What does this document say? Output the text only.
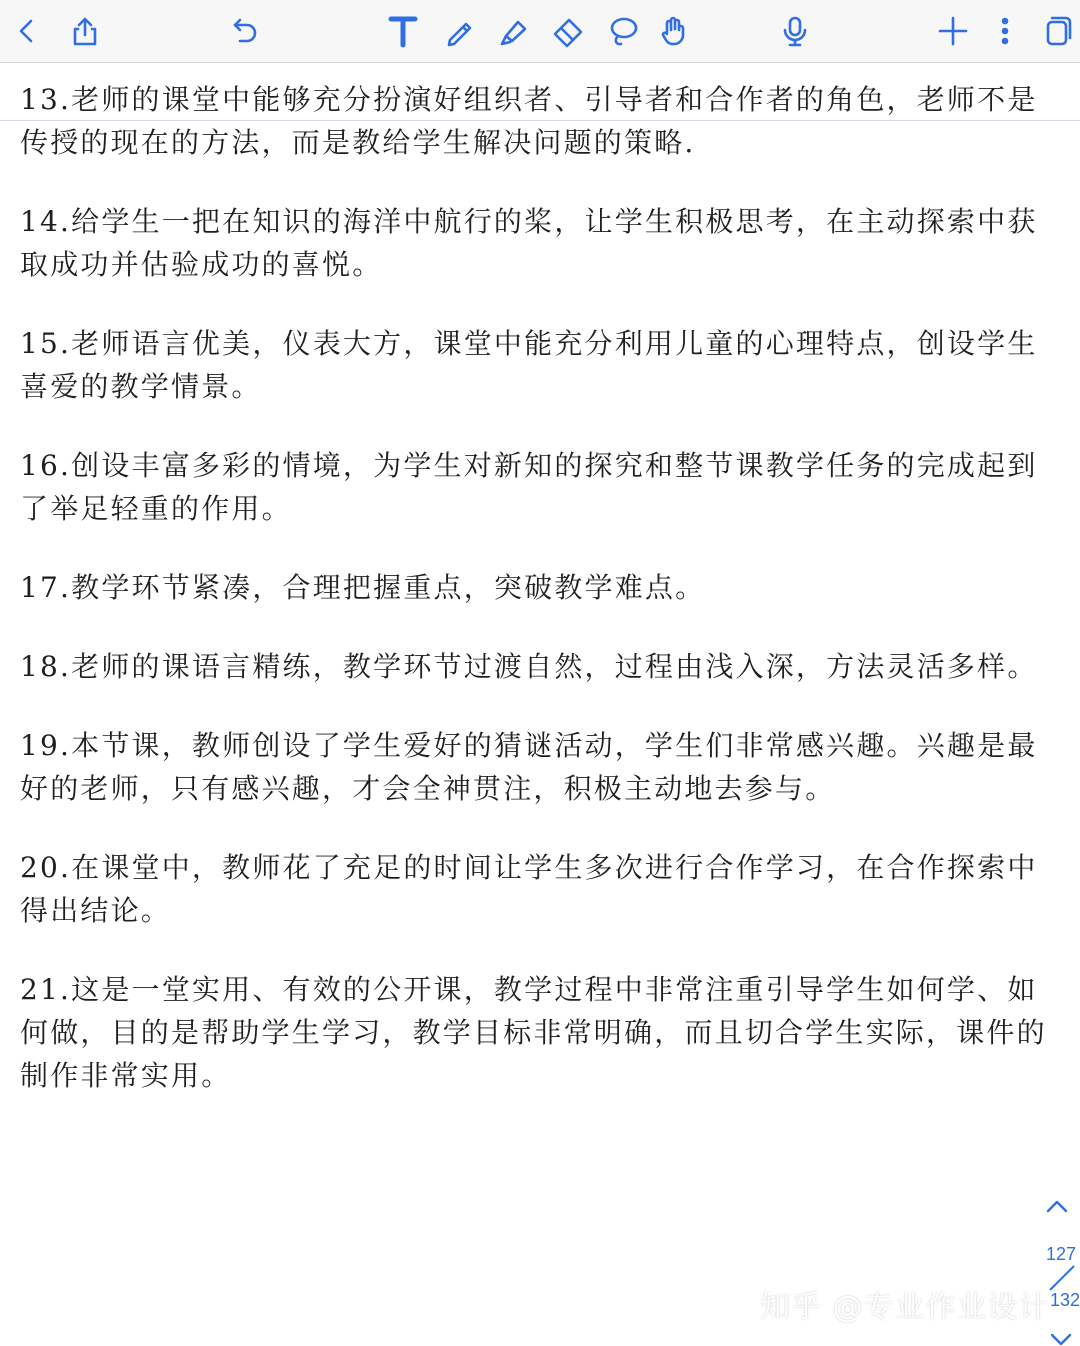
13.老师的课堂中能够充分扮演好组织者、引导者和合作者的角色，老师不是传授的现在的方法，而是教给学生解决问题的策略.

14.给学生一把在知识的海洋中航行的桨，让学生积极思考，在主动探索中获取成功并估验成功的喜悦。

15.老师语言优美，仪表大方，课堂中能充分利用儿童的心理特点，创设学生喜爱的教学情景。

16.创设丰富多彩的情境，为学生对新知的探究和整节课教学任务的完成起到了举足轻重的作用。

17.教学环节紧凑，合理把握重点，突破教学难点。

18.老师的课语言精练，教学环节过渡自然，过程由浅入深，方法灵活多样。

19.本节课，教师创设了学生爱好的猜谜活动，学生们非常感兴趣。兴趣是最好的老师，只有感兴趣，才会全神贯注，积极主动地去参与。

20.在课堂中，教师花了充足的时间让学生多次进行合作学习，在合作探索中得出结论。

21.这是一堂实用、有效的公开课，教学过程中非常注重引导学生如何学、如何做，目的是帮助学生学习，教学目标非常明确，而且切合学生实际，课件的制作非常实用。

127
132
知乎 @专业作业设计
